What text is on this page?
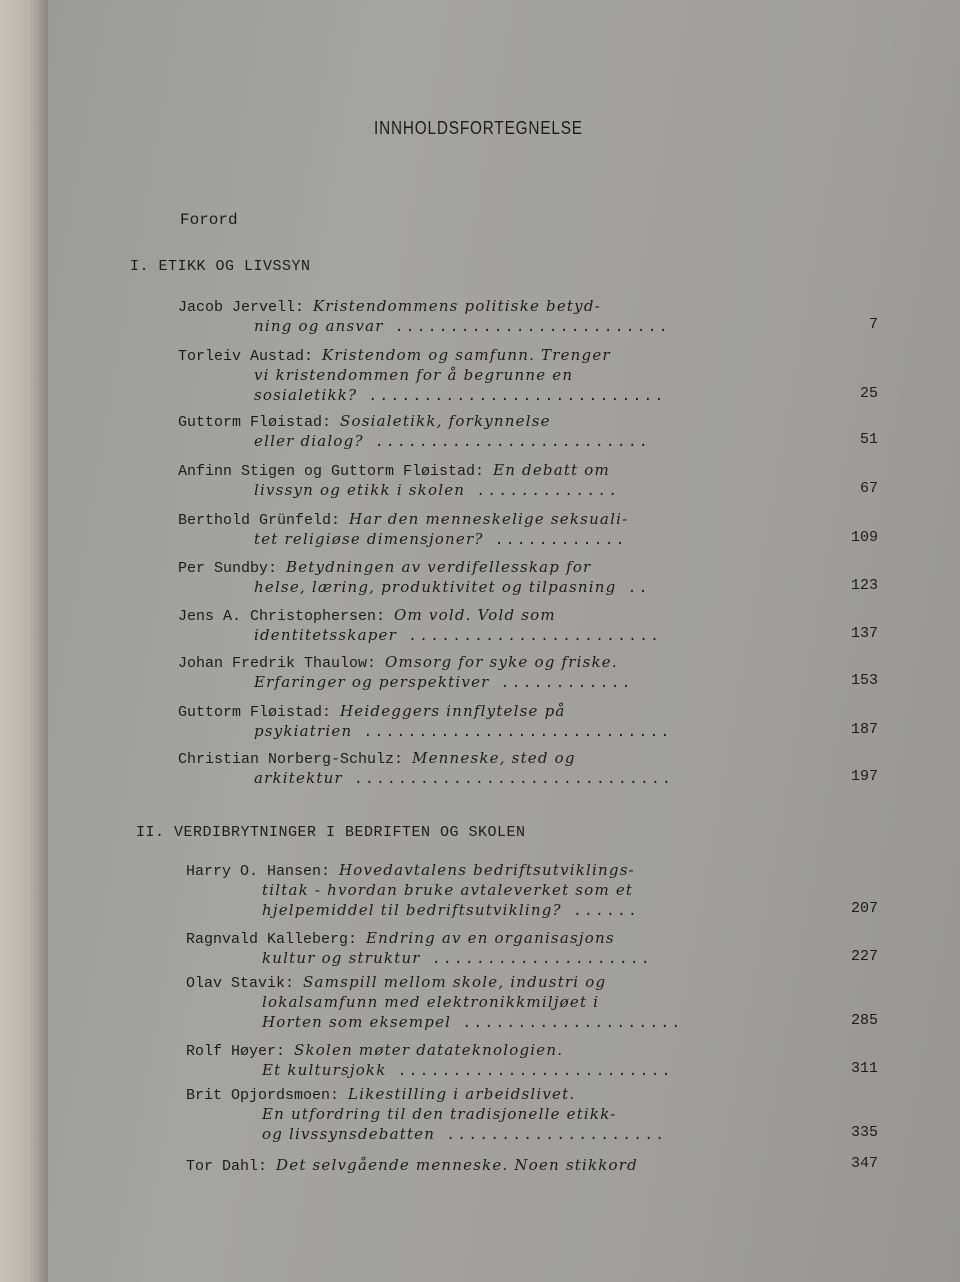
INNHOLDSFORTEGNELSE
Forord
I. ETIKK OG LIVSSYN
Jacob Jervell: Kristendommens politiske betyd-
ning og ansvar .........................	7
Torleiv Austad: Kristendom og samfunn. Trenger
vi kristendommen for å begrunne en
sosialetikk? ...........................	25
Guttorm Fløistad: Sosialetikk, forkynnelse
eller dialog? .........................	51
Anfinn Stigen og Guttorm Fløistad: En debatt om
livssyn og etikk i skolen .............	67
Berthold Grünfeld: Har den menneskelige seksuali-
tet religiøse dimensjoner? ............	109
Per Sundby: Betydningen av verdifellesskap for
helse, læring, produktivitet og tilpasning ..	123
Jens A. Christophersen: Om vold. Vold som
identitetsskaper .......................	137
Johan Fredrik Thaulow: Omsorg for syke og friske.
Erfaringer og perspektiver ............	153
Guttorm Fløistad: Heideggers innflytelse på
psykiatrien ............................	187
Christian Norberg-Schulz: Menneske, sted og
arkitektur .............................	197
II. VERDIBRYTNINGER I BEDRIFTEN OG SKOLEN
Harry O. Hansen: Hovedavtalens bedriftsutviklings-
tiltak - hvordan bruke avtaleverket som et
hjelpemiddel til bedriftsutvikling? ......	207
Ragnvald Kalleberg: Endring av en organisasjons
kultur og struktur ....................	227
Olav Stavik: Samspill mellom skole, industri og
lokalsamfunn med elektronikkmiljøet i
Horten som eksempel ....................	285
Rolf Høyer: Skolen møter datateknologien.
Et kultursjokk .........................	311
Brit Opjordsmoen: Likestilling i arbeidslivet.
En utfordring til den tradisjonelle etikk-
og livssynsdebatten ....................	335
Tor Dahl: Det selvgående menneske. Noen stikkord	347
